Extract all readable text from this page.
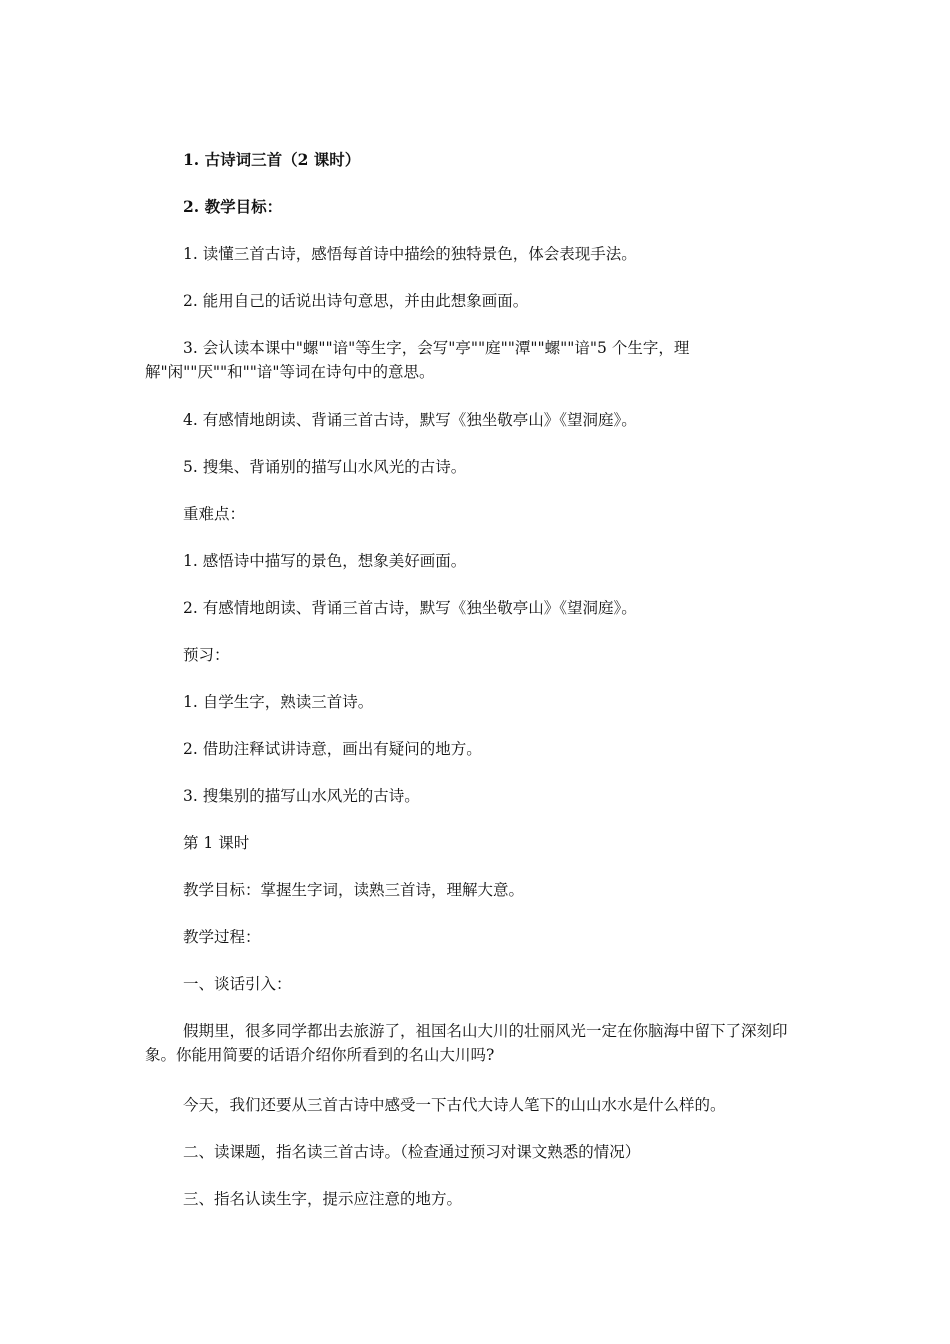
1. 古诗词三首（2 课时）

2. 教学目标：

1. 读懂三首古诗，感悟每首诗中描绘的独特景色，体会表现手法。

2. 能用自己的话说出诗句意思，并由此想象画面。

3. 会认读本课中"螺""谙"等生字，会写"亭""庭""潭""螺""谙"5 个生字，理解"闲""厌""和""谙"等词在诗句中的意思。

4. 有感情地朗读、背诵三首古诗，默写《独坐敬亭山》《望洞庭》。

5. 搜集、背诵别的描写山水风光的古诗。

重难点：

1. 感悟诗中描写的景色，想象美好画面。

2. 有感情地朗读、背诵三首古诗，默写《独坐敬亭山》《望洞庭》。

预习：

1. 自学生字，熟读三首诗。

2. 借助注释试讲诗意，画出有疑问的地方。

3. 搜集别的描写山水风光的古诗。

第 1 课时

教学目标：掌握生字词，读熟三首诗，理解大意。

教学过程：

一、谈话引入：

假期里，很多同学都出去旅游了，祖国名山大川的壮丽风光一定在你脑海中留下了深刻印象。你能用简要的话语介绍你所看到的名山大川吗?

今天，我们还要从三首古诗中感受一下古代大诗人笔下的山山水水是什么样的。

二、读课题，指名读三首古诗。（检查通过预习对课文熟悉的情况）

三、指名认读生字，提示应注意的地方。
